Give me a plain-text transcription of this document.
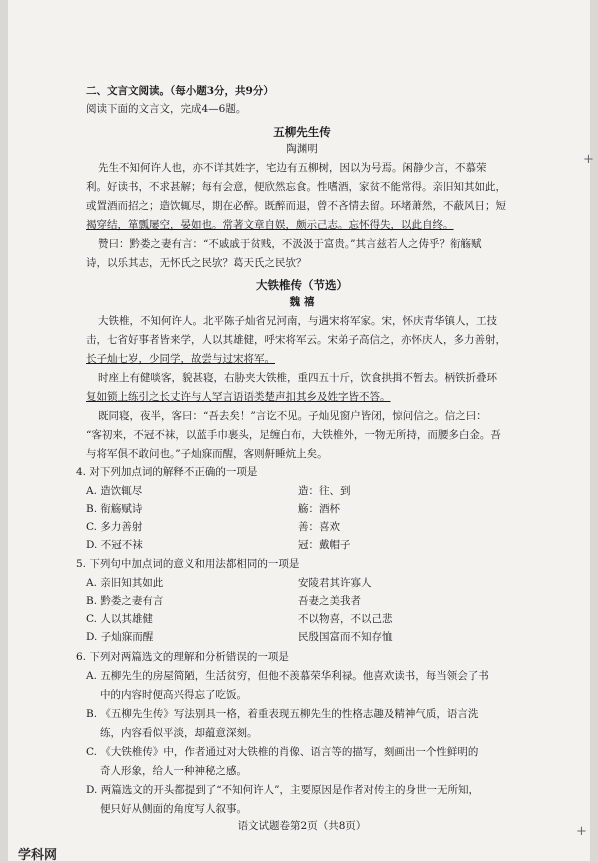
二、文言文阅读。（每小题3分，共9分）
阅读下面的文言文，完成4—6题。
五柳先生传
陶渊明
先生不知何许人也，亦不详其姓字，宅边有五柳树，因以为号焉。闲静少言，不慕荣
利。好读书，不求甚解；每有会意，便欣然忘食。性嗜酒，家贫不能常得。亲旧知其如此，
或置酒而招之；造饮辄尽，期在必醉。既醉而退，曾不吝情去留。环堵萧然，不蔽风日；短
褐穿结，箪瓢屡空，晏如也。常著文章自娱，颇示己志。忘怀得失，以此自终。
赞曰：黔娄之妻有言：“不戚戚于贫贱，不汲汲于富贵。”其言兹若人之俦乎？衔觞赋
诗，以乐其志，无怀氏之民欤？葛天氏之民欤？
大铁椎传（节选）
魏 禧
大铁椎，不知何许人。北平陈子灿省兄河南，与遇宋将军家。宋，怀庆青华镇人，工技
击，七省好事者皆来学，人以其雄健，呼宋将军云。宋弟子高信之，亦怀庆人，多力善射，
长子灿七岁，少同学，故尝与过宋将军。
时座上有健啖客，貌甚寝，右胁夹大铁椎，重四五十斤，饮食拱揖不暂去。柄铁折叠环
复如锁上练引之长丈许与人罕言语语类楚声扣其乡及姓字皆不答。
既同寝，夜半，客曰：“吾去矣！”言讫不见。子灿见窗户皆闭，惊问信之。信之曰：
“客初来，不冠不袜，以蓝手巾裹头，足缠白布，大铁椎外，一物无所持，而腰多白金。吾
与将军俱不敢问也。”子灿寐而醒，客则鼾睡炕上矣。
4. 对下列加点词的解释不正确的一项是
A. 造饮辄尽	造：往、到
B. 衔觞赋诗	觞：酒杯
C. 多力善射	善：喜欢
D. 不冠不袜	冠：戴帽子
5. 下列句中加点词的意义和用法都相同的一项是
A. 亲旧知其如此	安陵君其许寡人
B. 黔娄之妻有言	吾妻之美我者
C. 人以其雄健	不以物喜，不以己悲
D. 子灿寐而醒	民殷国富而不知存恤
6. 下列对两篇选文的理解和分析错误的一项是
A. 五柳先生的房屋简陋，生活贫穷，但他不羡慕荣华利禄。他喜欢读书，每当领会了书
中的内容时便高兴得忘了吃饭。
B. 《五柳先生传》写法别具一格，着重表现五柳先生的性格志趣及精神气质，语言洗
练，内容看似平淡，却蕴意深刻。
C. 《大铁椎传》中，作者通过对大铁椎的肖像、语言等的描写，刻画出一个性鲜明的
奇人形象，给人一种神秘之感。
D. 两篇选文的开头都提到了“不知何许人”，主要原因是作者对传主的身世一无所知，
便只好从侧面的角度写人叙事。
语文试题卷第2页（共8页）
+
+
学科网
